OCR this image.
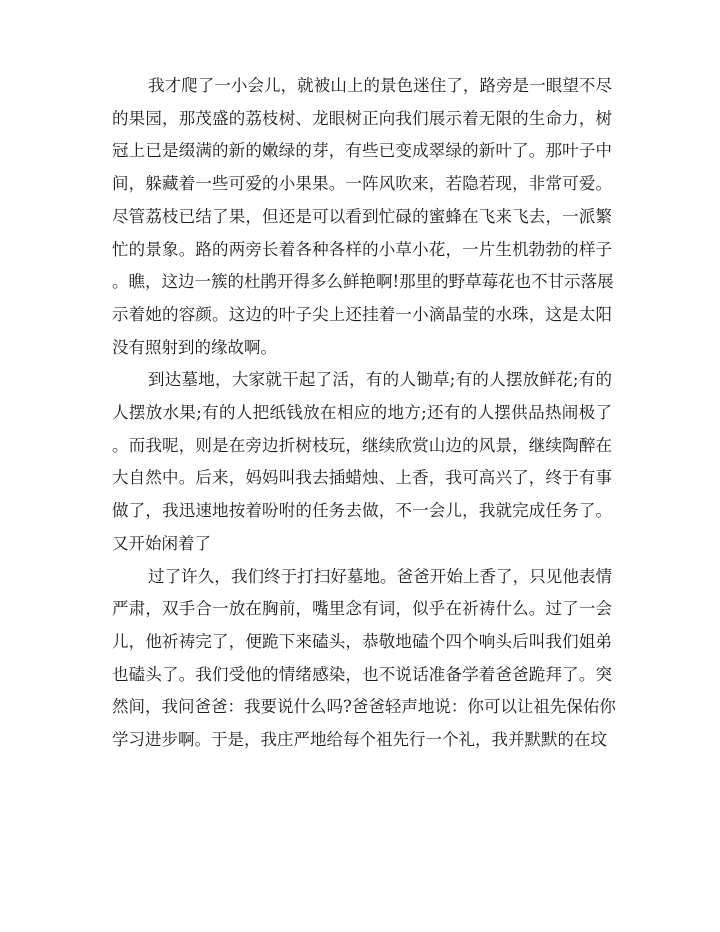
我才爬了一小会儿，就被山上的景色迷住了，路旁是一眼望不尽
的果园，那茂盛的荔枝树、龙眼树正向我们展示着无限的生命力，树
冠上已是缀满的新的嫩绿的芽，有些已变成翠绿的新叶了。那叶子中
间，躲藏着一些可爱的小果果。一阵风吹来，若隐若现，非常可爱。
尽管荔枝已结了果，但还是可以看到忙碌的蜜蜂在飞来飞去，一派繁
忙的景象。路的两旁长着各种各样的小草小花，一片生机勃勃的样子
。瞧，这边一簇的杜鹃开得多么鲜艳啊!那里的野草莓花也不甘示落展
示着她的容颜。这边的叶子尖上还挂着一小滴晶莹的水珠，这是太阳
没有照射到的缘故啊。
到达墓地，大家就干起了活，有的人锄草;有的人摆放鲜花;有的
人摆放水果;有的人把纸钱放在相应的地方;还有的人摆供品热闹极了
。而我呢，则是在旁边折树枝玩，继续欣赏山边的风景，继续陶醉在
大自然中。后来，妈妈叫我去插蜡烛、上香，我可高兴了，终于有事
做了，我迅速地按着吩咐的任务去做，不一会儿，我就完成任务了。
又开始闲着了
过了许久，我们终于打扫好墓地。爸爸开始上香了，只见他表情
严肃，双手合一放在胸前，嘴里念有词，似乎在祈祷什么。过了一会
儿，他祈祷完了，便跪下来磕头，恭敬地磕个四个响头后叫我们姐弟
也磕头了。我们受他的情绪感染，也不说话准备学着爸爸跪拜了。突
然间，我问爸爸：我要说什么吗?爸爸轻声地说：你可以让祖先保佑你
学习进步啊。于是，我庄严地给每个祖先行一个礼，我并默默的在坟
